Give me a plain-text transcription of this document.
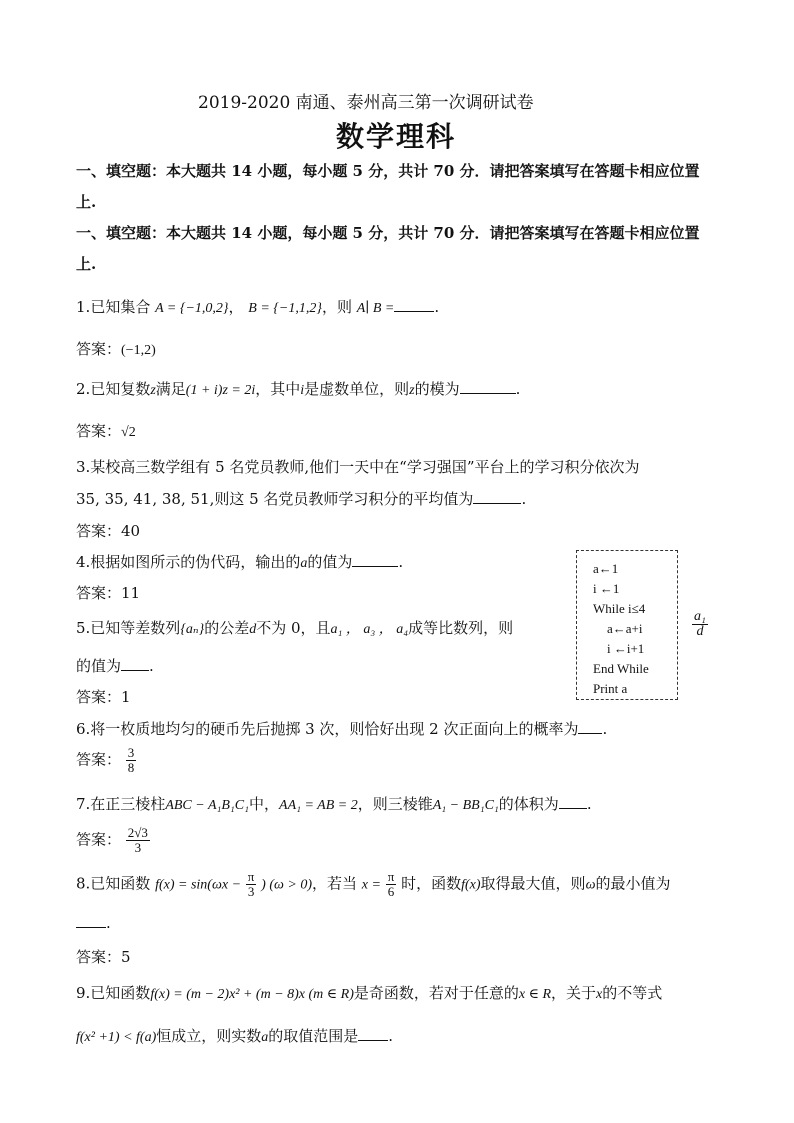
2019-2020 南通、泰州高三第一次调研试卷
数学理科
一、填空题：本大题共 14 小题，每小题 5 分，共计 70 分．请把答案填写在答题卡相应位置
上.
一、填空题：本大题共 14 小题，每小题 5 分，共计 70 分．请把答案填写在答题卡相应位置
上.
1.已知集合 A = {−1,0,2}， B = {−1,1,2}，则 A∣ B =	.
答案：(−1,2)
2.已知复数z满足(1 + i)z = 2i，其中i是虚数单位，则z的模为	.
答案：√2
3.某校高三数学组有 5 名党员教师,他们一天中在“学习强国”平台上的学习积分依次为
35, 35, 41, 38, 51,则这 5 名党员教师学习积分的平均值为	.
答案：40
4.根据如图所示的伪代码，输出的a的值为	.
答案：11
a←1
i ←1
While i≤4
a←a+i
i ←i+1
End While
Print a
5.已知等差数列{aₙ}的公差d不为 0，且a₁ ， a₃ ， a₄成等比数列，则	$\frac{\text{a₁}}{d}$
的值为 .
答案：1
6.将一枚质地均匀的硬币先后抛掷 3 次，则恰好出现 2 次正面向上的概率为 .
答案： $\frac{3}{8}$
7.在正三棱柱ABC − A₁B₁C₁中，AA₁ = AB = 2，则三棱锥A₁ − BB₁C₁的体积为 .
答案： $\frac{2√3}{3}$
8.已知函数 $f(x) = \sin(\omega x - \frac{\pi}{3}$ ) (ω > 0)，若当 $x = \frac{\pi}{6}$ 时，函数f(x)取得最大值，则ω的最小值为
.
答案：5
9.已知函数f(x) = (m − 2)x² + (m − 8)x (m ∈ R)是奇函数，若对于任意的x ∈ R，关于x的不等式
f(x² +1) < f(a)恒成立，则实数a的取值范围是 .
